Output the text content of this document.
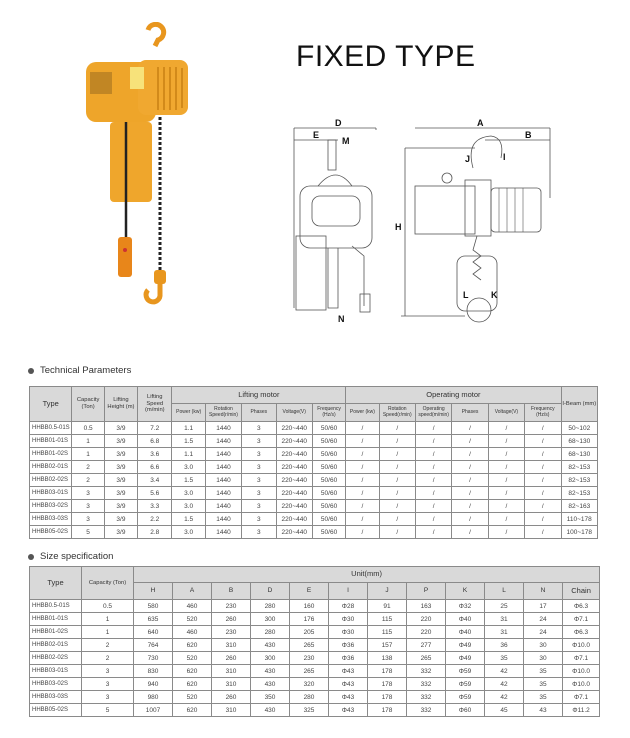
FIXED TYPE
D
E
M
N
A
B
J	I
H
L	K
Technical Parameters
Type	Capacity (Ton)	Lifting Height (m)	Lifting Speed (m/min)	Lifting motor					Operating motor						I-Beam (mm)
				Power (kw)	Rotation Speed(r/min)	Phases	Voltage(V)	Frequency (Hz/s)	Power (kw)	Rotation Speed(r/min)	Operating speed(m/min)	Phases	Voltage(V)	Frequency (Hz/s)	
HHBB0.5-01S	0.5	3/9	7.2	1.1	1440	3	220~440	50/60	/	/	/	/	/	/	50~102
HHBB01-01S	1	3/9	6.8	1.5	1440	3	220~440	50/60	/	/	/	/	/	/	68~130
HHBB01-02S	1	3/9	3.6	1.1	1440	3	220~440	50/60	/	/	/	/	/	/	68~130
HHBB02-01S	2	3/9	6.6	3.0	1440	3	220~440	50/60	/	/	/	/	/	/	82~153
HHBB02-02S	2	3/9	3.4	1.5	1440	3	220~440	50/60	/	/	/	/	/	/	82~153
HHBB03-01S	3	3/9	5.6	3.0	1440	3	220~440	50/60	/	/	/	/	/	/	82~153
HHBB03-02S	3	3/9	3.3	3.0	1440	3	220~440	50/60	/	/	/	/	/	/	82~163
HHBB03-03S	3	3/9	2.2	1.5	1440	3	220~440	50/60	/	/	/	/	/	/	110~178
HHBB05-02S	5	3/9	2.8	3.0	1440	3	220~440	50/60	/	/	/	/	/	/	100~178
Size specification
Type	Capacity (Ton)	Unit(mm)											
		H	A	B	D	E	I	J	P	K	L	N	Chain
HHBB0.5-01S	0.5	580	460	230	280	160	Φ28	91	163	Φ32	25	17	Φ6.3
HHBB01-01S	1	635	520	260	300	176	Φ30	115	220	Φ40	31	24	Φ7.1
HHBB01-02S	1	640	460	230	280	205	Φ30	115	220	Φ40	31	24	Φ6.3
HHBB02-01S	2	764	620	310	430	265	Φ36	157	277	Φ49	36	30	Φ10.0
HHBB02-02S	2	730	520	260	300	230	Φ36	138	265	Φ49	35	30	Φ7.1
HHBB03-01S	3	830	620	310	430	265	Φ43	178	332	Φ59	42	35	Φ10.0
HHBB03-02S	3	940	620	310	430	320	Φ43	178	332	Φ59	42	35	Φ10.0
HHBB03-03S	3	980	520	260	350	280	Φ43	178	332	Φ59	42	35	Φ7.1
HHBB05-02S	5	1007	620	310	430	325	Φ43	178	332	Φ60	45	43	Φ11.2
